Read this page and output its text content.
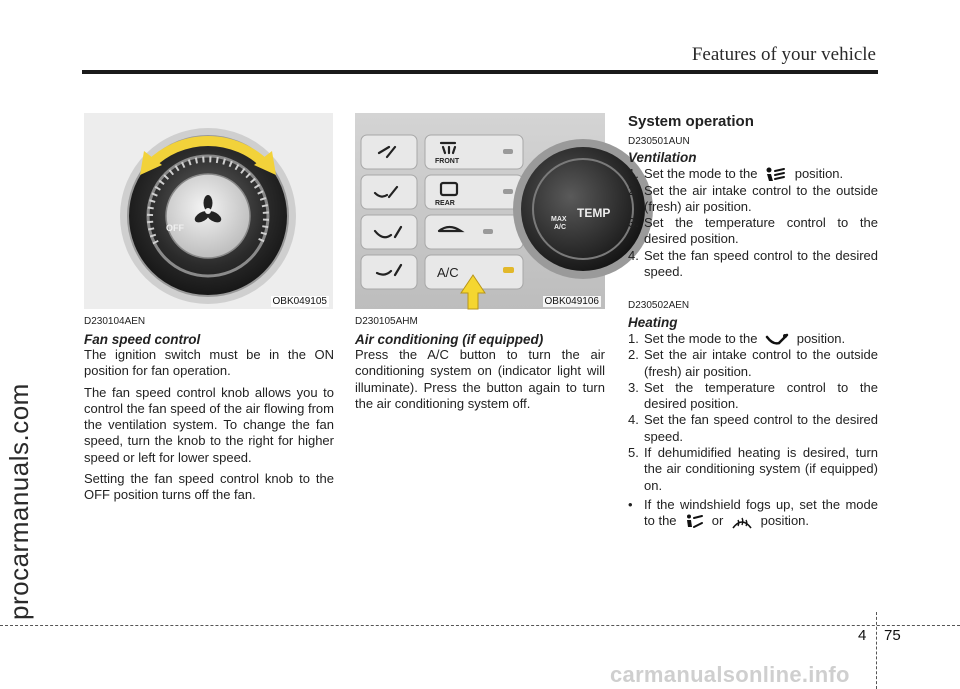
Features of your vehicle
procarmanuals.com
OFF
OBK049105
D230104AEN
Fan speed control

The ignition switch must be in the ON position for fan operation.

The fan speed control knob allows you to control the fan speed of the air flowing from the ventilation system. To change the fan speed, turn the knob to the right for higher speed or left for lower speed.

Setting the fan speed control knob to the OFF position turns off the fan.

FRONT
REAR
A/C
MAX
A/C
TEMP
OBK049106
D230105AHM
Air conditioning (if equipped)

Press the A/C button to turn the air conditioning system on (indicator light will illuminate). Press the button again to turn the air conditioning system off.

System operation
D230501AUN
Ventilation
1. Set the mode to the	position.
2. Set the air intake control to the outside (fresh) air position.
3. Set the temperature control to the desired position.
4. Set the fan speed control to the desired speed.
D230502AEN
Heating
1. Set the mode to the	position.
2. Set the air intake control to the outside (fresh) air position.
3. Set the temperature control to the desired position.
4. Set the fan speed control to the desired speed.
5. If dehumidified heating is desired, turn the air conditioning system (if equipped) on.
• If the windshield fogs up, set the mode to the	or	position.
4 75
carmanualsonline.info
